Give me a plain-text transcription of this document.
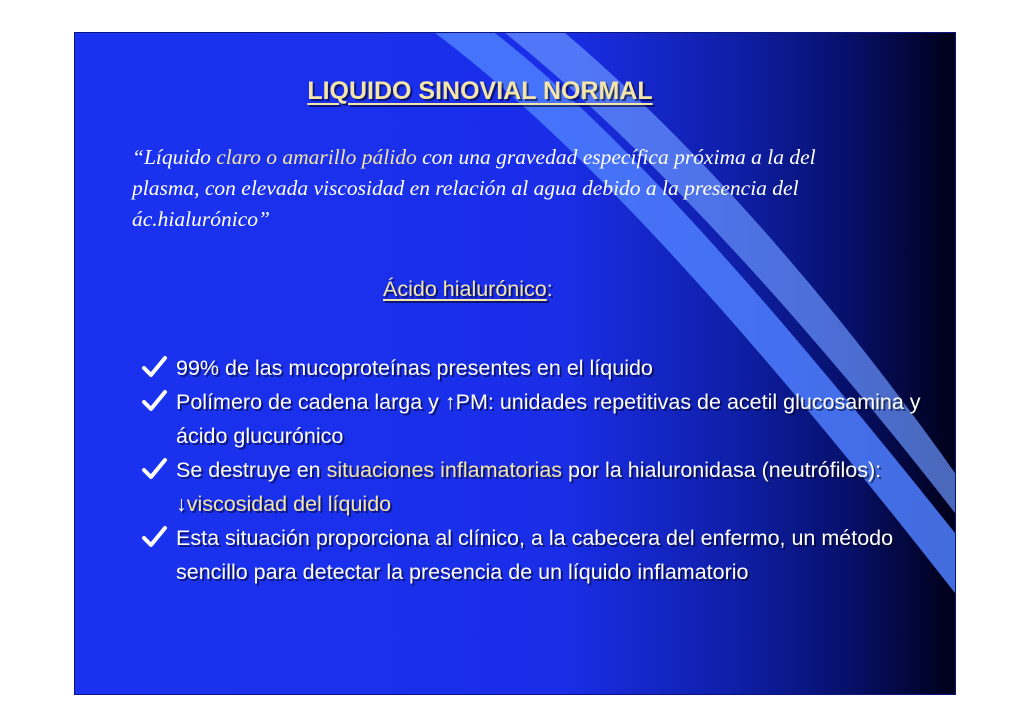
LIQUIDO SINOVIAL NORMAL
“Líquido claro o amarillo pálido con una gravedad específica próxima a la del plasma, con elevada viscosidad en relación al agua debido a la presencia del ác.hialurónico”
Ácido hialurónico:
99% de las mucoproteínas presentes en el líquido
Polímero de cadena larga y ↑PM: unidades repetitivas de acetil glucosamina y ácido glucurónico
Se destruye en situaciones inflamatorias por la hialuronidasa (neutrófilos): ↓viscosidad del líquido
Esta situación proporciona al clínico, a la cabecera del enfermo, un método sencillo para detectar la presencia de un líquido inflamatorio
